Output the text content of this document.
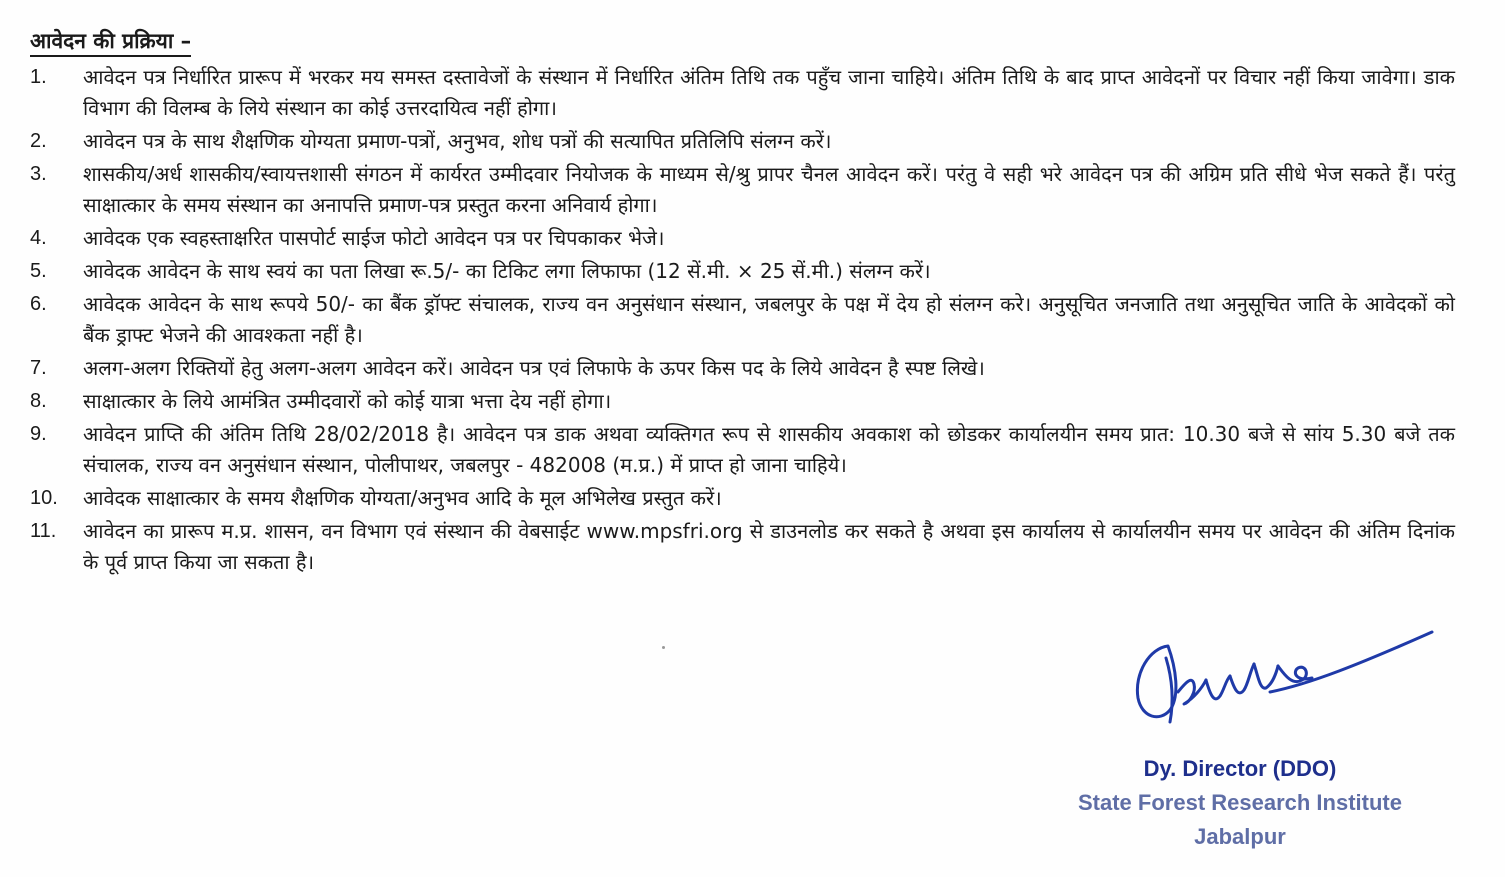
आवेदन की प्रक्रिया –
1.	आवेदन पत्र निर्धारित प्रारूप में भरकर मय समस्त दस्तावेजों के संस्थान में निर्धारित अंतिम तिथि तक पहुँच जाना चाहिये। अंतिम तिथि के बाद प्राप्त आवेदनों पर विचार नहीं किया जावेगा। डाक विभाग की विलम्ब के लिये संस्थान का कोई उत्तरदायित्व नहीं होगा।
2.	आवेदन पत्र के साथ शैक्षणिक योग्यता प्रमाण-पत्रों, अनुभव, शोध पत्रों की सत्यापित प्रतिलिपि संलग्न करें।
3.	शासकीय/अर्ध शासकीय/स्वायत्तशासी संगठन में कार्यरत उम्मीदवार नियोजक के माध्यम से/श्रु प्रापर चैनल आवेदन करें। परंतु वे सही भरे आवेदन पत्र की अग्रिम प्रति सीधे भेज सकते हैं। परंतु साक्षात्कार के समय संस्थान का अनापत्ति प्रमाण-पत्र प्रस्तुत करना अनिवार्य होगा।
4.	आवेदक एक स्वहस्ताक्षरित पासपोर्ट साईज फोटो आवेदन पत्र पर चिपकाकर भेजे।
5.	आवेदक आवेदन के साथ स्वयं का पता लिखा रू.5/- का टिकिट लगा लिफाफा (12 सें.मी. × 25 सें.मी.) संलग्न करें।
6.	आवेदक आवेदन के साथ रूपये 50/- का बैंक ड्रॉफ्ट संचालक, राज्य वन अनुसंधान संस्थान, जबलपुर के पक्ष में देय हो संलग्न करे। अनुसूचित जनजाति तथा अनुसूचित जाति के आवेदकों को बैंक ड्राफ्ट भेजने की आवश्कता नहीं है।
7.	अलग-अलग रिक्तियों हेतु अलग-अलग आवेदन करें। आवेदन पत्र एवं लिफाफे के ऊपर किस पद के लिये आवेदन है स्पष्ट लिखे।
8.	साक्षात्कार के लिये आमंत्रित उम्मीदवारों को कोई यात्रा भत्ता देय नहीं होगा।
9.	आवेदन प्राप्ति की अंतिम तिथि 28/02/2018 है। आवेदन पत्र डाक अथवा व्यक्तिगत रूप से शासकीय अवकाश को छोडकर कार्यालयीन समय प्रात: 10.30 बजे से सांय 5.30 बजे तक संचालक, राज्य वन अनुसंधान संस्थान, पोलीपाथर, जबलपुर - 482008 (म.प्र.) में प्राप्त हो जाना चाहिये।
10.	आवेदक साक्षात्कार के समय शैक्षणिक योग्यता/अनुभव आदि के मूल अभिलेख प्रस्तुत करें।
11.	आवेदन का प्रारूप म.प्र. शासन, वन विभाग एवं संस्थान की वेबसाईट www.mpsfri.org से डाउनलोड कर सकते है अथवा इस कार्यालय से कार्यालयीन समय पर आवेदन की अंतिम दिनांक के पूर्व प्राप्त किया जा सकता है।
Dy. Director (DDO)
State Forest Research Institute
Jabalpur
